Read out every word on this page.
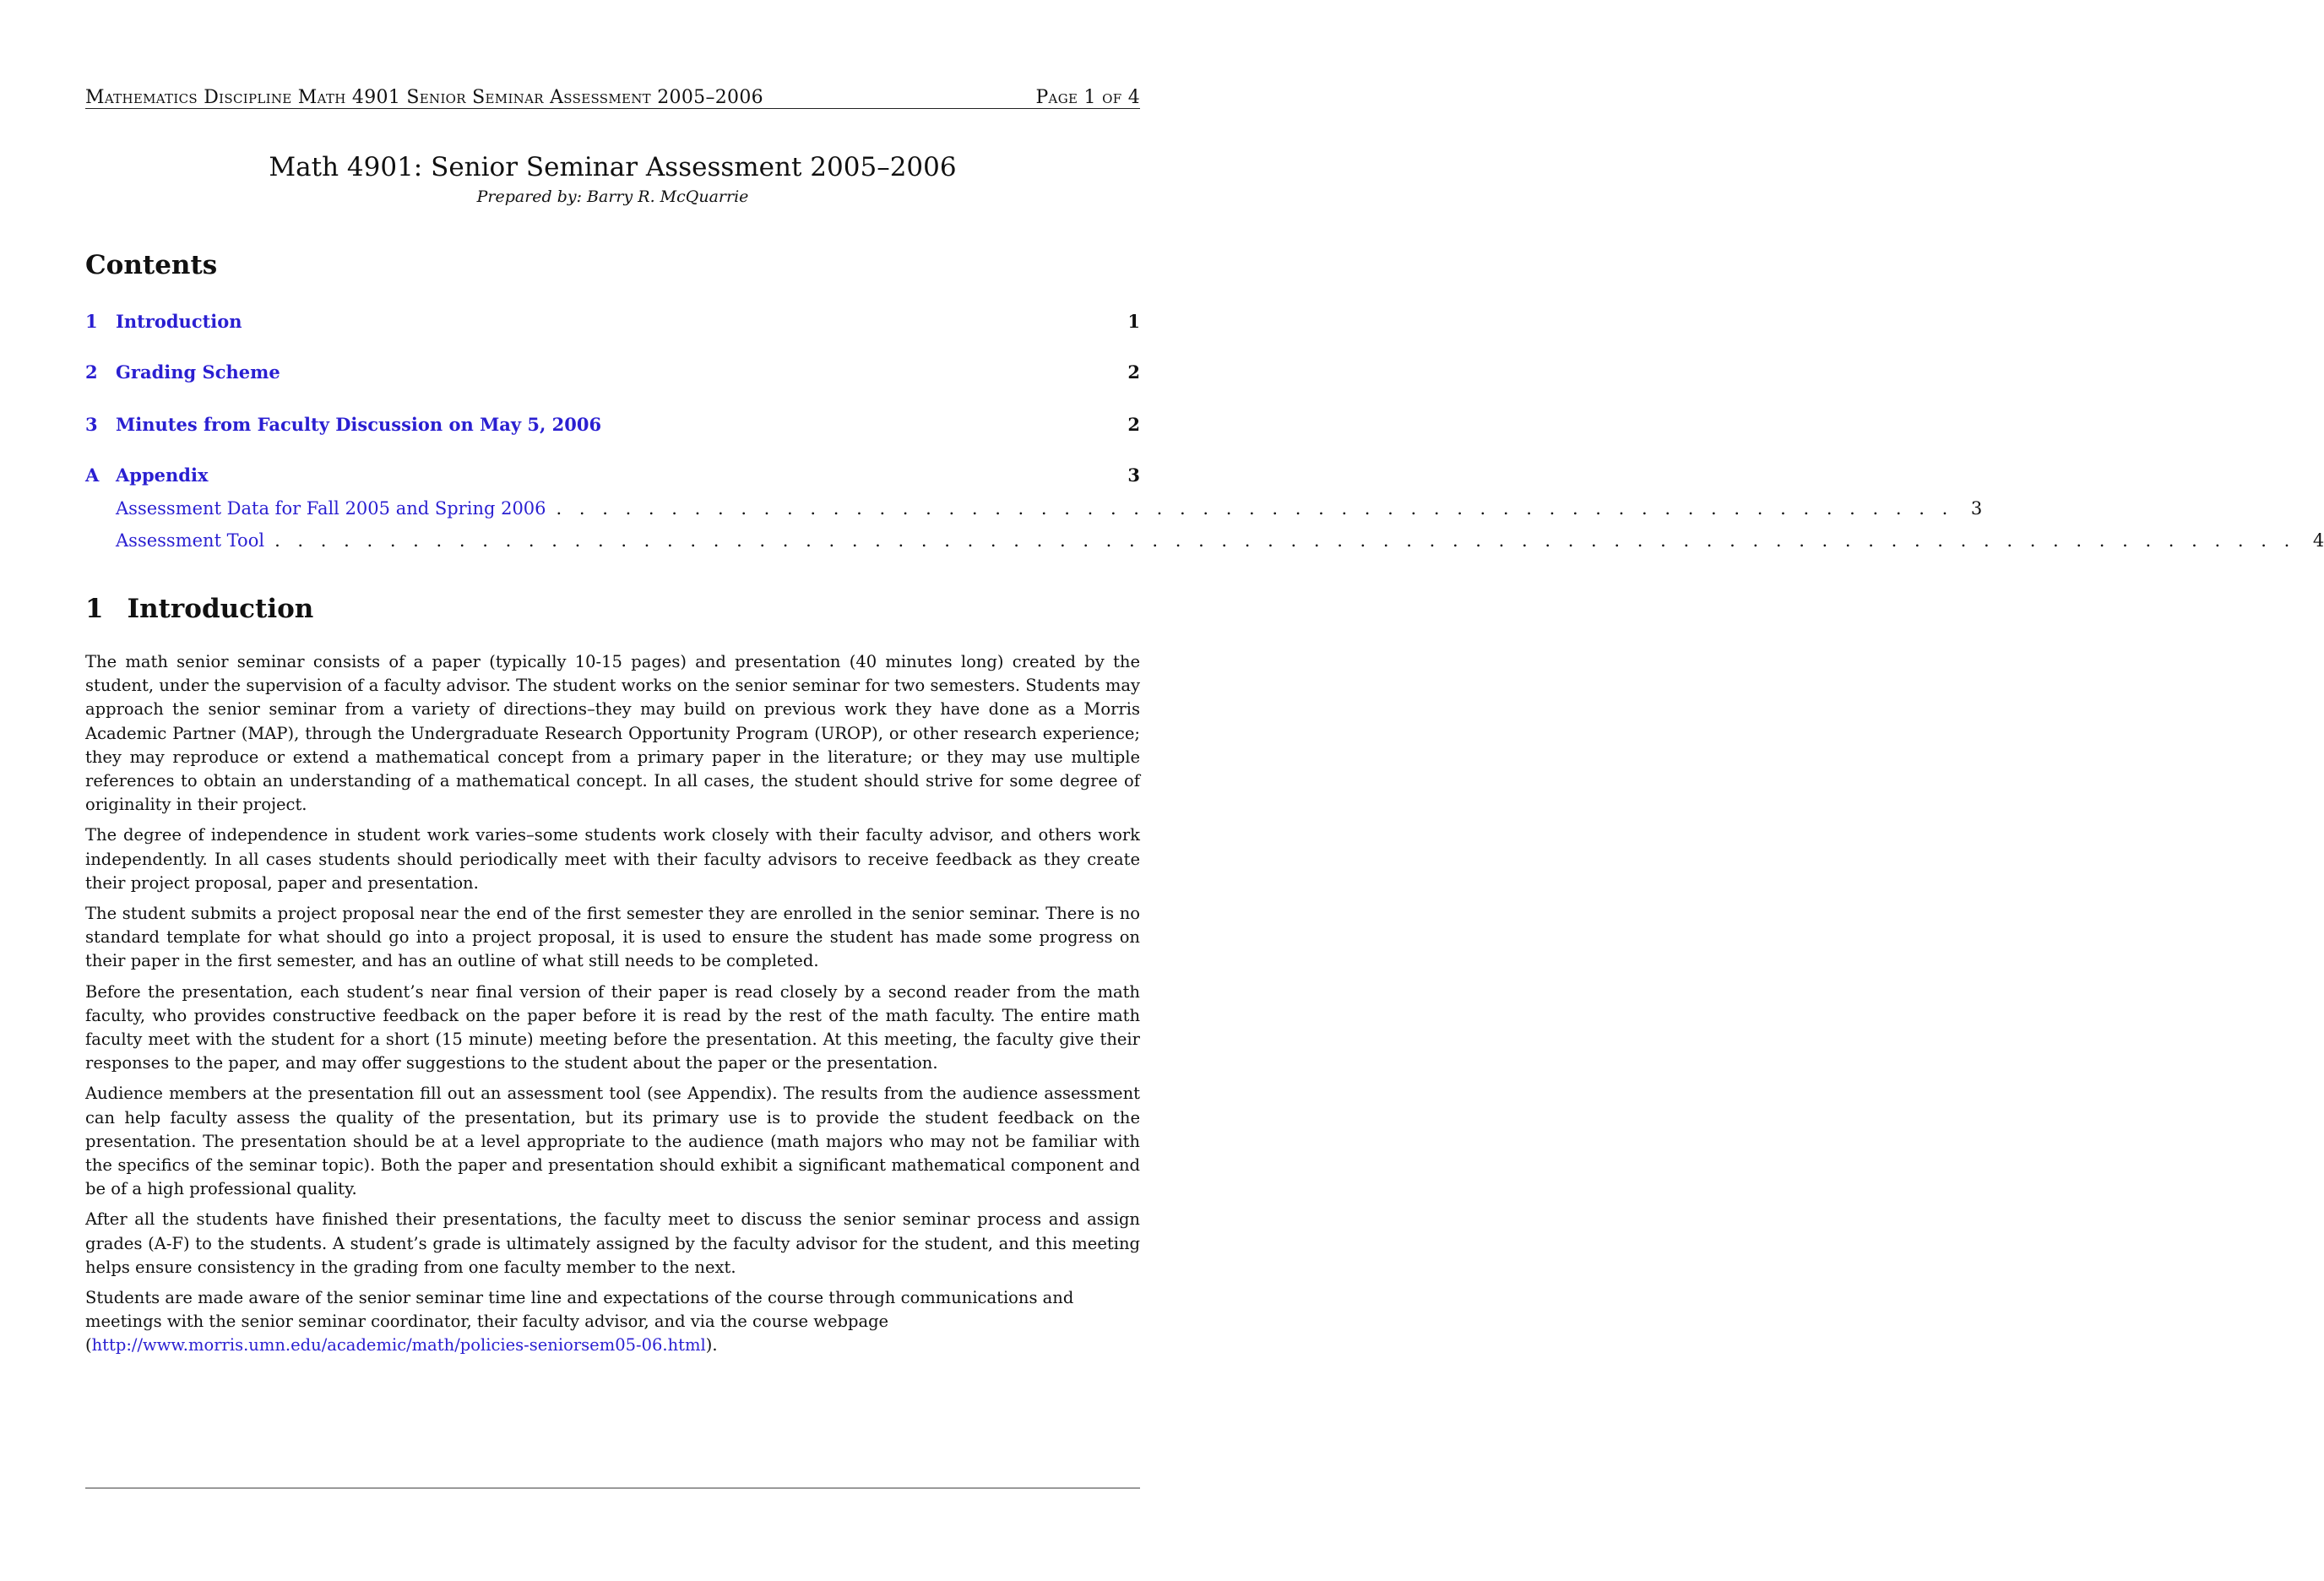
Mathematics Discipline Math 4901 Senior Seminar Assessment 2005–2006	Page 1 of 4
Math 4901: Senior Seminar Assessment 2005–2006

Prepared by: Barry R. McQuarrie

Contents
1	Introduction	1
2	Grading Scheme	2
3	Minutes from Faculty Discussion on May 5, 2006	2
A Appendix	3
Assessment Data for Fall 2005 and Spring 2006 . . . . . . . . . . . . . . . . . . . . . . . . . . . . . . . . . . . . . . . . . . . . . . . . . . . . . . . . . . . . . 3
Assessment Tool . . . . . . . . . . . . . . . . . . . . . . . . . . . . . . . . . . . . . . . . . . . . . . . . . . . . . . . . . . . . . . . . . . . . . . . . . . . . . . . . . . . . . . . . 4
1 Introduction

The math senior seminar consists of a paper (typically 10-15 pages) and presentation (40 minutes long) created by the student, under the supervision of a faculty advisor. The student works on the senior seminar for two semesters. Students may approach the senior seminar from a variety of directions–they may build on previous work they have done as a Morris Academic Partner (MAP), through the Undergraduate Research Opportunity Program (UROP), or other research experience; they may reproduce or extend a mathematical concept from a primary paper in the literature; or they may use multiple references to obtain an understanding of a mathematical concept. In all cases, the student should strive for some degree of originality in their project.

The degree of independence in student work varies–some students work closely with their faculty advisor, and others work independently. In all cases students should periodically meet with their faculty advisors to receive feedback as they create their project proposal, paper and presentation.

The student submits a project proposal near the end of the first semester they are enrolled in the senior seminar. There is no standard template for what should go into a project proposal, it is used to ensure the student has made some progress on their paper in the first semester, and has an outline of what still needs to be completed.

Before the presentation, each student’s near final version of their paper is read closely by a second reader from the math faculty, who provides constructive feedback on the paper before it is read by the rest of the math faculty. The entire math faculty meet with the student for a short (15 minute) meeting before the presentation. At this meeting, the faculty give their responses to the paper, and may offer suggestions to the student about the paper or the presentation.

Audience members at the presentation fill out an assessment tool (see Appendix). The results from the audience assessment can help faculty assess the quality of the presentation, but its primary use is to provide the student feedback on the presentation. The presentation should be at a level appropriate to the audience (math majors who may not be familiar with the specifics of the seminar topic). Both the paper and presentation should exhibit a significant mathematical component and be of a high professional quality.

After all the students have finished their presentations, the faculty meet to discuss the senior seminar process and assign grades (A-F) to the students. A student’s grade is ultimately assigned by the faculty advisor for the student, and this meeting helps ensure consistency in the grading from one faculty member to the next.

Students are made aware of the senior seminar time line and expectations of the course through communications and meetings with the senior seminar coordinator, their faculty advisor, and via the course webpage
(http://www.morris.umn.edu/academic/math/policies-seniorsem05-06.html).
